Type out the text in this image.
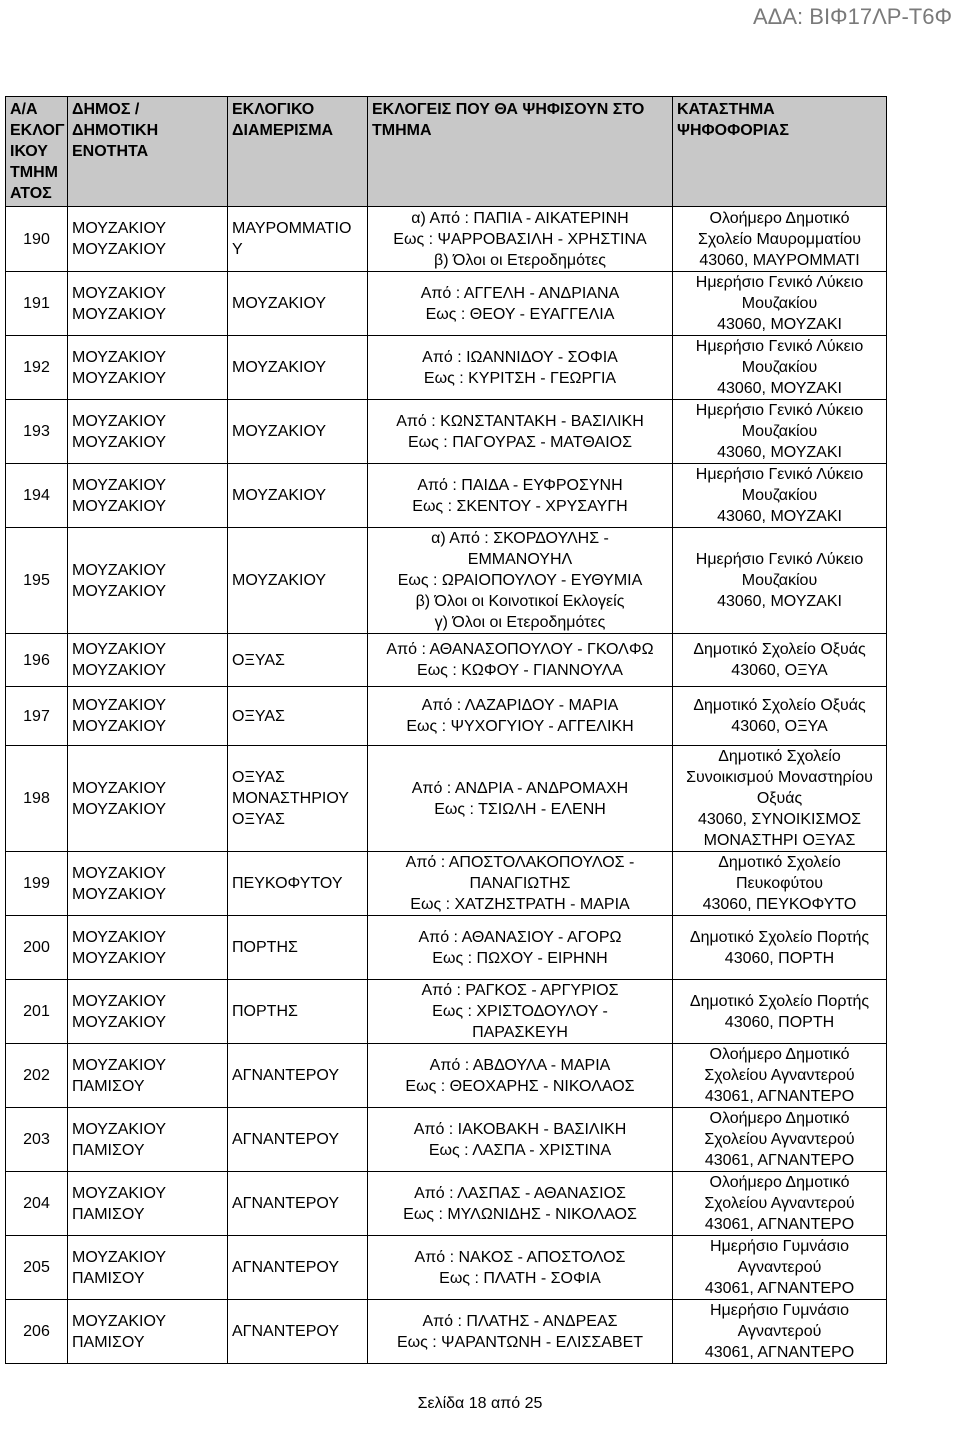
ΑΔΑ: ΒΙΦ17ΛΡ-Τ6Φ
Α/Α
ΕΚΛΟΓ
ΙΚΟΥ
ΤΜΗΜ
ΑΤΟΣ	ΔΗΜΟΣ /
ΔΗΜΟΤΙΚΗ
ΕΝΟΤΗΤΑ	ΕΚΛΟΓΙΚΟ
ΔΙΑΜΕΡΙΣΜΑ	ΕΚΛΟΓΕΙΣ ΠΟΥ ΘΑ ΨΗΦΙΣΟΥΝ ΣΤΟ
ΤΜΗΜΑ	ΚΑΤΑΣΤΗΜΑ
ΨΗΦΟΦΟΡΙΑΣ

190	ΜΟΥΖΑΚΙΟΥ
ΜΟΥΖΑΚΙΟΥ	ΜΑΥΡΟΜΜΑΤΙΟ
Υ	α) Από : ΠΑΠΙΑ - ΑΙΚΑΤΕΡΙΝΗ
Εως : ΨΑΡΡΟΒΑΣΙΛΗ - ΧΡΗΣΤΙΝΑ
β) Όλοι οι Ετεροδημότες	Ολοήμερο Δημοτικό
Σχολείο Μαυρομματίου
43060, ΜΑΥΡΟΜΜΑΤΙ

191	ΜΟΥΖΑΚΙΟΥ
ΜΟΥΖΑΚΙΟΥ	ΜΟΥΖΑΚΙΟΥ	Από : ΑΓΓΕΛΗ - ΑΝΔΡΙΑΝΑ
Εως : ΘΕΟΥ - ΕΥΑΓΓΕΛΙΑ	Ημερήσιο Γενικό Λύκειο
Μουζακίου
43060, ΜΟΥΖΑΚΙ

192	ΜΟΥΖΑΚΙΟΥ
ΜΟΥΖΑΚΙΟΥ	ΜΟΥΖΑΚΙΟΥ	Από : ΙΩΑΝΝΙΔΟΥ - ΣΟΦΙΑ
Εως : ΚΥΡΙΤΣΗ - ΓΕΩΡΓΙΑ	Ημερήσιο Γενικό Λύκειο
Μουζακίου
43060, ΜΟΥΖΑΚΙ

193	ΜΟΥΖΑΚΙΟΥ
ΜΟΥΖΑΚΙΟΥ	ΜΟΥΖΑΚΙΟΥ	Από : ΚΩΝΣΤΑΝΤΑΚΗ - ΒΑΣΙΛΙΚΗ
Εως : ΠΑΓΟΥΡΑΣ - ΜΑΤΘΑΙΟΣ	Ημερήσιο Γενικό Λύκειο
Μουζακίου
43060, ΜΟΥΖΑΚΙ

194	ΜΟΥΖΑΚΙΟΥ
ΜΟΥΖΑΚΙΟΥ	ΜΟΥΖΑΚΙΟΥ	Από : ΠΑΙΔΑ - ΕΥΦΡΟΣΥΝΗ
Εως : ΣΚΕΝΤΟΥ - ΧΡΥΣΑΥΓΗ	Ημερήσιο Γενικό Λύκειο
Μουζακίου
43060, ΜΟΥΖΑΚΙ

195	ΜΟΥΖΑΚΙΟΥ
ΜΟΥΖΑΚΙΟΥ	ΜΟΥΖΑΚΙΟΥ	α) Από : ΣΚΟΡΔΟΥΛΗΣ -
ΕΜΜΑΝΟΥΗΛ
Εως : ΩΡΑΙΟΠΟΥΛΟΥ - ΕΥΘΥΜΙΑ
β) Όλοι οι Κοινοτικοί Εκλογείς
γ) Όλοι οι Ετεροδημότες	Ημερήσιο Γενικό Λύκειο
Μουζακίου
43060, ΜΟΥΖΑΚΙ

196	ΜΟΥΖΑΚΙΟΥ
ΜΟΥΖΑΚΙΟΥ	ΟΞΥΑΣ	Από : ΑΘΑΝΑΣΟΠΟΥΛΟΥ - ΓΚΟΛΦΩ
Εως : ΚΩΦΟΥ - ΓΙΑΝΝΟΥΛΑ	Δημοτικό Σχολείο Οξυάς
43060, ΟΞΥΑ

197	ΜΟΥΖΑΚΙΟΥ
ΜΟΥΖΑΚΙΟΥ	ΟΞΥΑΣ	Από : ΛΑΖΑΡΙΔΟΥ - ΜΑΡΙΑ
Εως : ΨΥΧΟΓΥΙΟΥ - ΑΓΓΕΛΙΚΗ	Δημοτικό Σχολείο Οξυάς
43060, ΟΞΥΑ

198	ΜΟΥΖΑΚΙΟΥ
ΜΟΥΖΑΚΙΟΥ	ΟΞΥΑΣ
ΜΟΝΑΣΤΗΡΙΟΥ
ΟΞΥΑΣ	Από : ΑΝΔΡΙΑ - ΑΝΔΡΟΜΑΧΗ
Εως : ΤΣΙΩΛΗ - ΕΛΕΝΗ	Δημοτικό Σχολείο
Συνοικισμού Μοναστηρίου
Οξυάς
43060, ΣΥΝΟΙΚΙΣΜΟΣ
ΜΟΝΑΣΤΗΡΙ ΟΞΥΑΣ

199	ΜΟΥΖΑΚΙΟΥ
ΜΟΥΖΑΚΙΟΥ	ΠΕΥΚΟΦΥΤΟΥ	Από : ΑΠΟΣΤΟΛΑΚΟΠΟΥΛΟΣ -
ΠΑΝΑΓΙΩΤΗΣ
Εως : ΧΑΤΖΗΣΤΡΑΤΗ - ΜΑΡΙΑ	Δημοτικό Σχολείο
Πευκοφύτου
43060, ΠΕΥΚΟΦΥΤΟ

200	ΜΟΥΖΑΚΙΟΥ
ΜΟΥΖΑΚΙΟΥ	ΠΟΡΤΗΣ	Από : ΑΘΑΝΑΣΙΟΥ - ΑΓΟΡΩ
Εως : ΠΩΧΟΥ - ΕΙΡΗΝΗ	Δημοτικό Σχολείο Πορτής
43060, ΠΟΡΤΗ

201	ΜΟΥΖΑΚΙΟΥ
ΜΟΥΖΑΚΙΟΥ	ΠΟΡΤΗΣ	Από : ΡΑΓΚΟΣ - ΑΡΓΥΡΙΟΣ
Εως : ΧΡΙΣΤΟΔΟΥΛΟΥ -
ΠΑΡΑΣΚΕΥΗ	Δημοτικό Σχολείο Πορτής
43060, ΠΟΡΤΗ

202	ΜΟΥΖΑΚΙΟΥ
ΠΑΜΙΣΟΥ	ΑΓΝΑΝΤΕΡΟΥ	Από : ΑΒΔΟΥΛΑ - ΜΑΡΙΑ
Εως : ΘΕΟΧΑΡΗΣ - ΝΙΚΟΛΑΟΣ	Ολοήμερο Δημοτικό
Σχολείου Αγναντερού
43061, ΑΓΝΑΝΤΕΡΟ

203	ΜΟΥΖΑΚΙΟΥ
ΠΑΜΙΣΟΥ	ΑΓΝΑΝΤΕΡΟΥ	Από : ΙΑΚΟΒΑΚΗ - ΒΑΣΙΛΙΚΗ
Εως : ΛΑΣΠΑ - ΧΡΙΣΤΙΝΑ	Ολοήμερο Δημοτικό
Σχολείου Αγναντερού
43061, ΑΓΝΑΝΤΕΡΟ

204	ΜΟΥΖΑΚΙΟΥ
ΠΑΜΙΣΟΥ	ΑΓΝΑΝΤΕΡΟΥ	Από : ΛΑΣΠΑΣ - ΑΘΑΝΑΣΙΟΣ
Εως : ΜΥΛΩΝΙΔΗΣ - ΝΙΚΟΛΑΟΣ	Ολοήμερο Δημοτικό
Σχολείου Αγναντερού
43061, ΑΓΝΑΝΤΕΡΟ

205	ΜΟΥΖΑΚΙΟΥ
ΠΑΜΙΣΟΥ	ΑΓΝΑΝΤΕΡΟΥ	Από : ΝΑΚΟΣ - ΑΠΟΣΤΟΛΟΣ
Εως : ΠΛΑΤΗ - ΣΟΦΙΑ	Ημερήσιο Γυμνάσιο
Αγναντερού
43061, ΑΓΝΑΝΤΕΡΟ

206	ΜΟΥΖΑΚΙΟΥ
ΠΑΜΙΣΟΥ	ΑΓΝΑΝΤΕΡΟΥ	Από : ΠΛΑΤΗΣ - ΑΝΔΡΕΑΣ
Εως : ΨΑΡΑΝΤΩΝΗ - ΕΛΙΣΣΑΒΕΤ	Ημερήσιο Γυμνάσιο
Αγναντερού
43061, ΑΓΝΑΝΤΕΡΟ
Σελίδα 18 από 25
